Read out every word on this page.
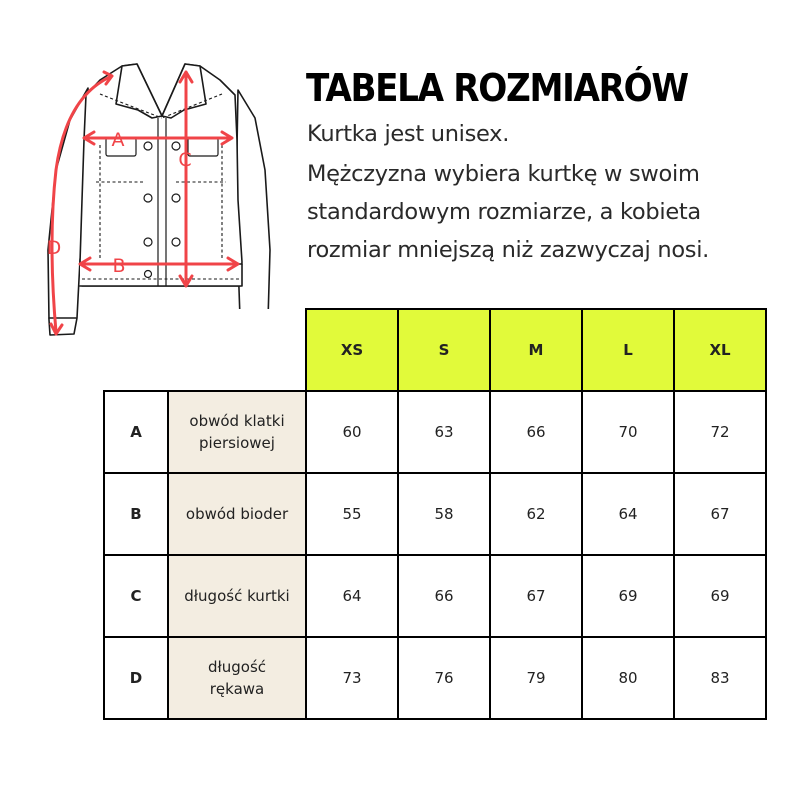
A
B
C
D
TABELA ROZMIARÓW
Kurtka jest unisex.
Mężczyzna wybiera kurtkę w swoim
standardowym rozmiarze, a kobieta
rozmiar mniejszą niż zazwyczaj nosi.
		XS	S	M	L	XL
A	obwód klatki
piersiowej	60	63	66	70	72
B	obwód bioder	55	58	62	64	67
C	długość kurtki	64	66	67	69	69
D	długość
rękawa	73	76	79	80	83
